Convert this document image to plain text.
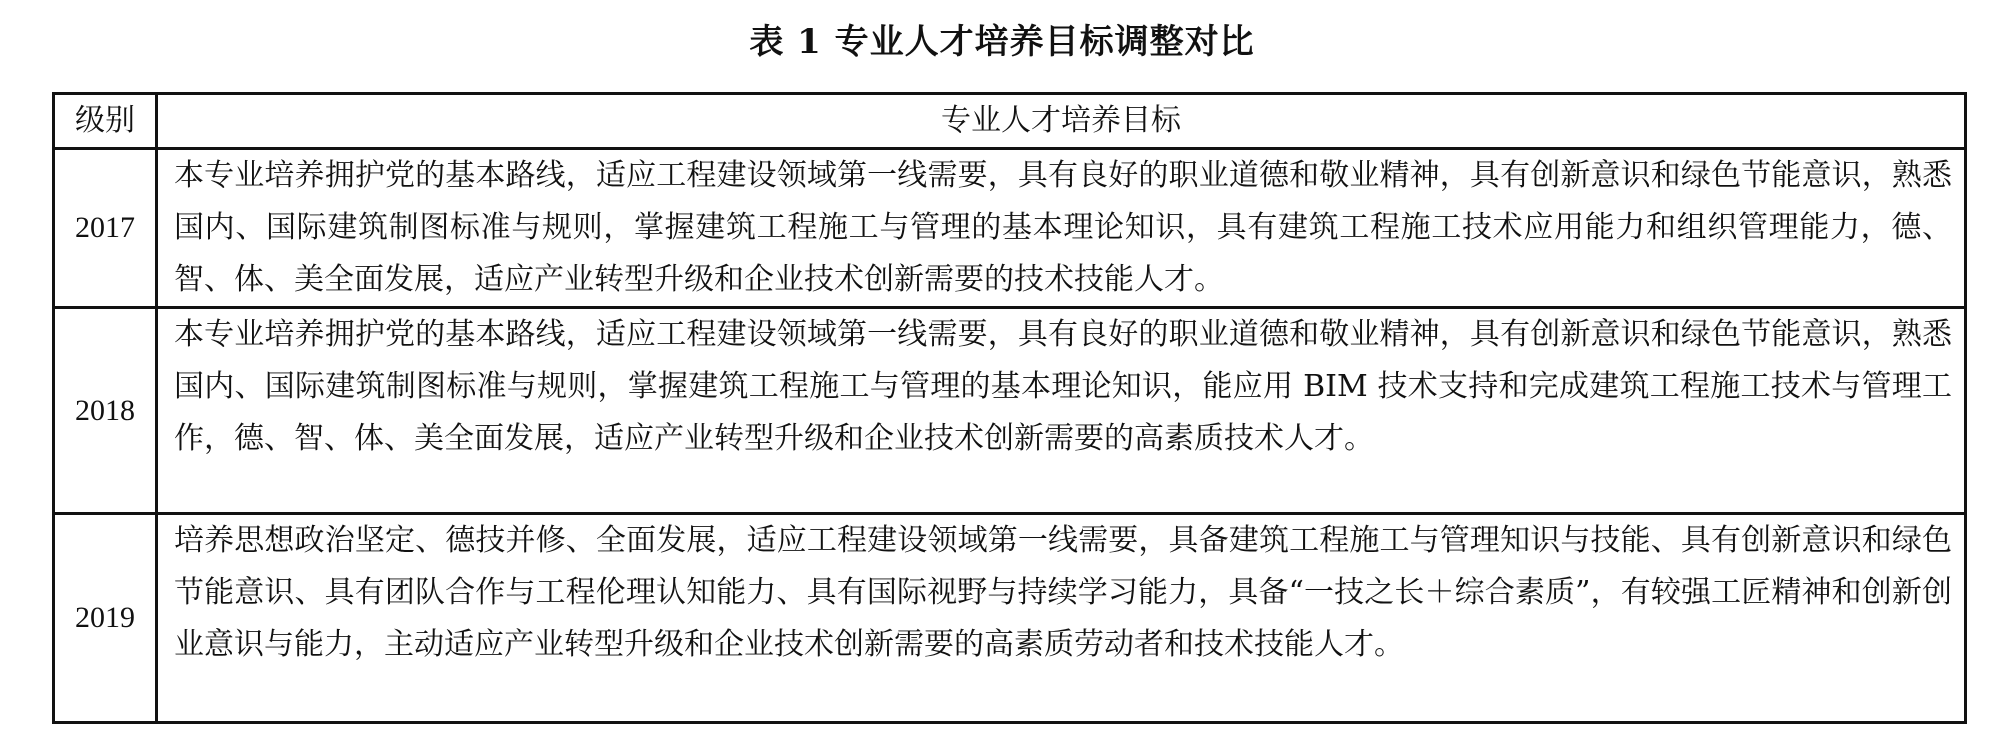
表 1 专业人才培养目标调整对比
级别	专业人才培养目标
2017	本专业培养拥护党的基本路线，适应工程建设领域第一线需要，具有良好的职业道德和敬业精神，具有创新意识和绿色节能意识，熟悉国内、国际建筑制图标准与规则，掌握建筑工程施工与管理的基本理论知识，具有建筑工程施工技术应用能力和组织管理能力，德、智、体、美全面发展，适应产业转型升级和企业技术创新需要的技术技能人才。
2018	本专业培养拥护党的基本路线，适应工程建设领域第一线需要，具有良好的职业道德和敬业精神，具有创新意识和绿色节能意识，熟悉国内、国际建筑制图标准与规则，掌握建筑工程施工与管理的基本理论知识，能应用 BIM 技术支持和完成建筑工程施工技术与管理工作，德、智、体、美全面发展，适应产业转型升级和企业技术创新需要的高素质技术人才。
2019	培养思想政治坚定、德技并修、全面发展，适应工程建设领域第一线需要，具备建筑工程施工与管理知识与技能、具有创新意识和绿色节能意识、具有团队合作与工程伦理认知能力、具有国际视野与持续学习能力，具备“一技之长＋综合素质”，有较强工匠精神和创新创业意识与能力，主动适应产业转型升级和企业技术创新需要的高素质劳动者和技术技能人才。
